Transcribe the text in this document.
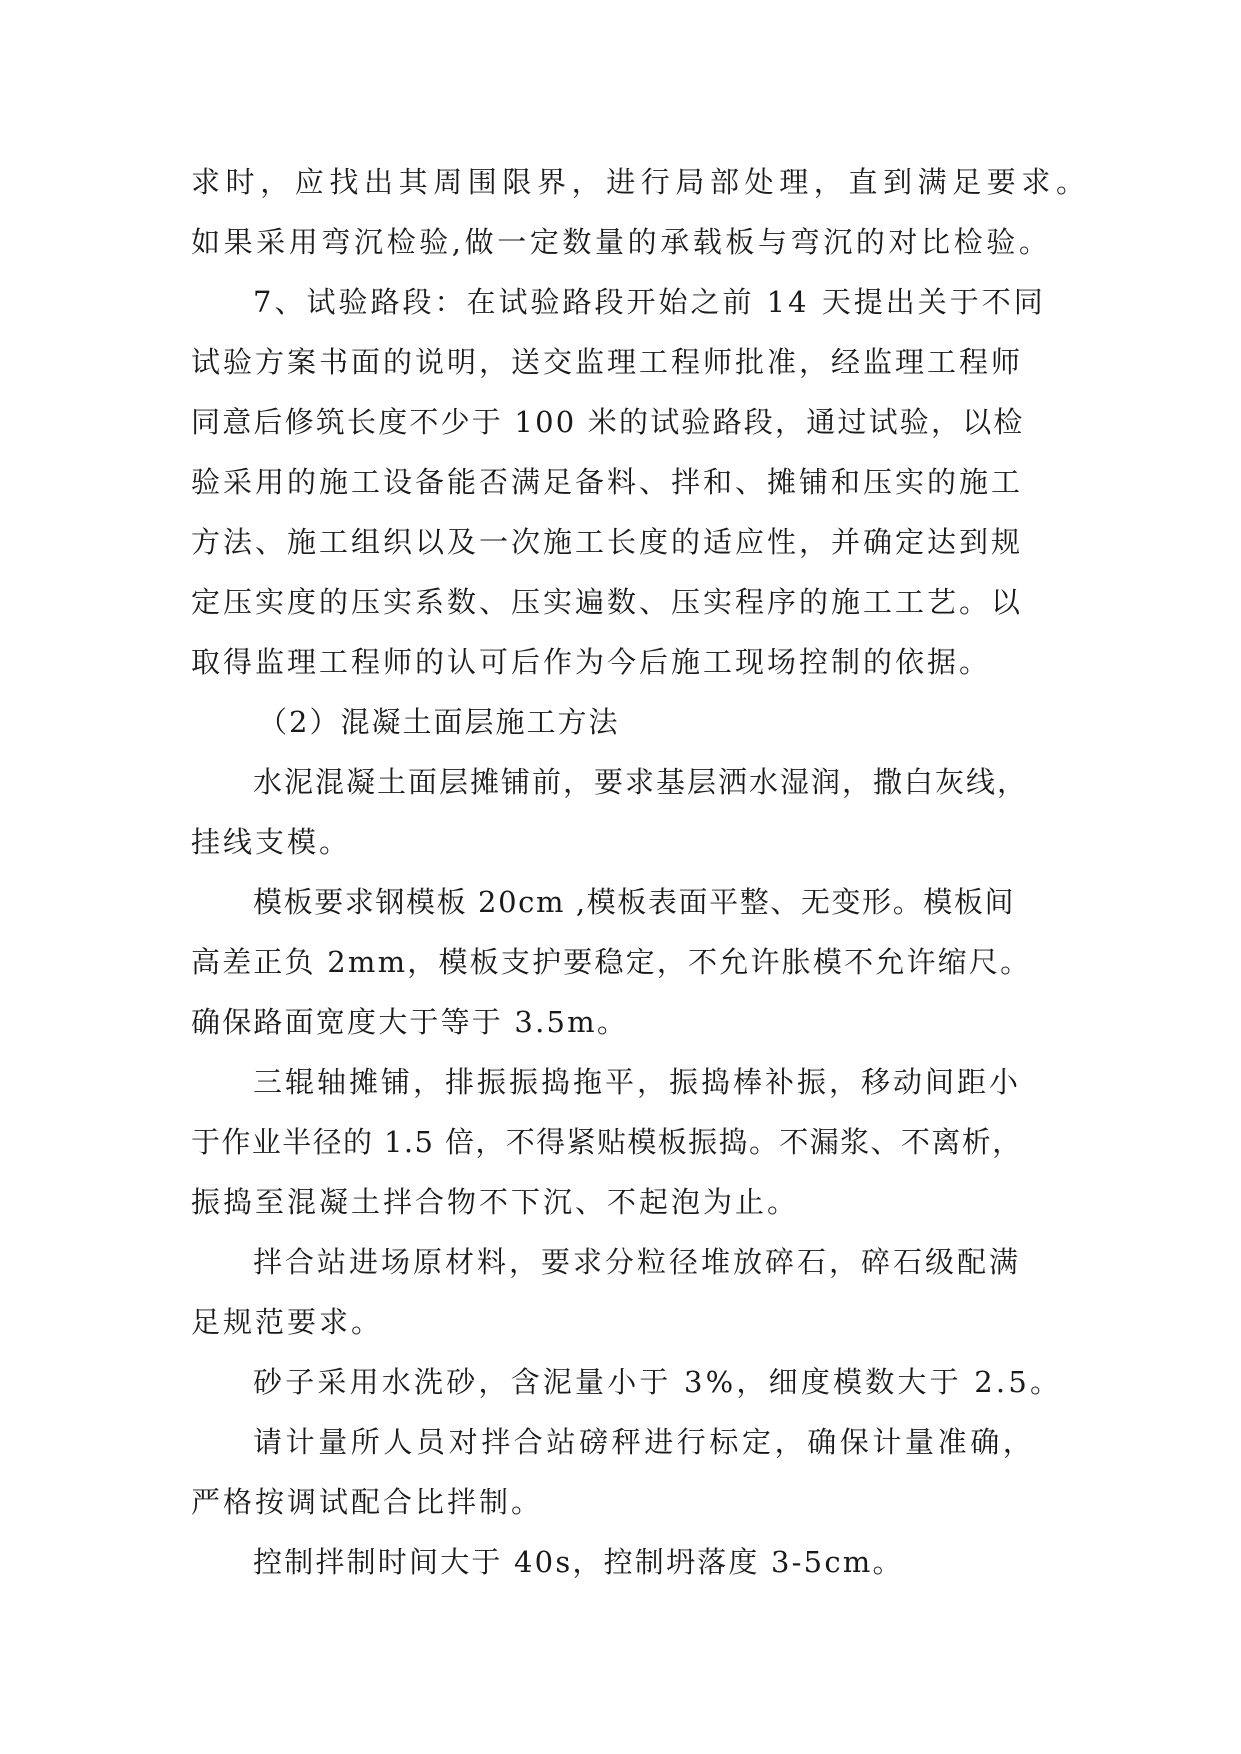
求时，应找出其周围限界，进行局部处理，直到满足要求。
如果采用弯沉检验,做一定数量的承载板与弯沉的对比检验。
7、试验路段：在试验路段开始之前 14 天提出关于不同
试验方案书面的说明，送交监理工程师批准，经监理工程师
同意后修筑长度不少于 100 米的试验路段，通过试验，以检
验采用的施工设备能否满足备料、拌和、摊铺和压实的施工
方法、施工组织以及一次施工长度的适应性，并确定达到规
定压实度的压实系数、压实遍数、压实程序的施工工艺。以
取得监理工程师的认可后作为今后施工现场控制的依据。
（2）混凝土面层施工方法
水泥混凝土面层摊铺前，要求基层洒水湿润，撒白灰线，
挂线支模。
模板要求钢模板 20cm ,模板表面平整、无变形。模板间
高差正负 2mm，模板支护要稳定，不允许胀模不允许缩尺。
确保路面宽度大于等于 3.5m。
三辊轴摊铺，排振振捣拖平，振捣棒补振，移动间距小
于作业半径的 1.5 倍，不得紧贴模板振捣。不漏浆、不离析，
振捣至混凝土拌合物不下沉、不起泡为止。
拌合站进场原材料，要求分粒径堆放碎石，碎石级配满
足规范要求。
砂子采用水洗砂，含泥量小于 3%，细度模数大于 2.5。
请计量所人员对拌合站磅秤进行标定，确保计量准确，
严格按调试配合比拌制。
控制拌制时间大于 40s，控制坍落度 3-5cm。
